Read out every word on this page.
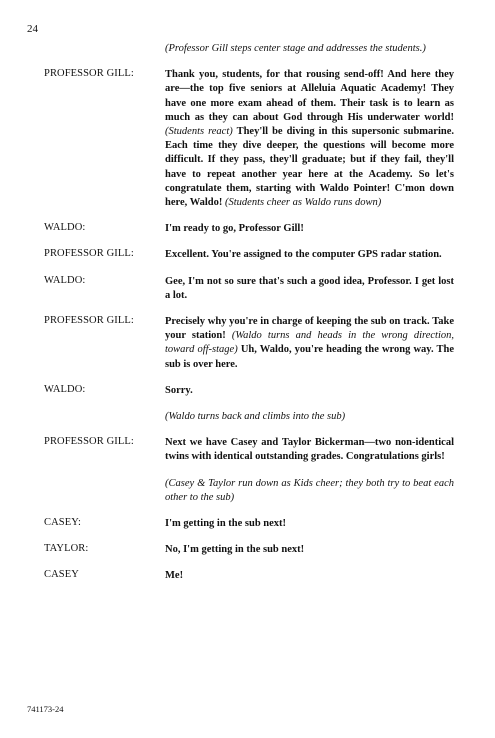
24
(Professor Gill steps center stage and addresses the students.)
PROFESSOR GILL:	Thank you, students, for that rousing send-off! And here they are—the top five seniors at Alleluia Aquatic Academy! They have one more exam ahead of them. Their task is to learn as much as they can about God through His underwater world! (Students react) They'll be diving in this supersonic submarine. Each time they dive deeper, the questions will become more difficult. If they pass, they'll graduate; but if they fail, they'll have to repeat another year here at the Academy. So let's congratulate them, starting with Waldo Pointer! C'mon down here, Waldo! (Students cheer as Waldo runs down)
WALDO:	I'm ready to go, Professor Gill!
PROFESSOR GILL:	Excellent. You're assigned to the computer GPS radar station.
WALDO:	Gee, I'm not so sure that's such a good idea, Professor. I get lost a lot.
PROFESSOR GILL:	Precisely why you're in charge of keeping the sub on track. Take your station! (Waldo turns and heads in the wrong direction, toward off-stage) Uh, Waldo, you're heading the wrong way. The sub is over here.
WALDO:	Sorry.
(Waldo turns back and climbs into the sub)
PROFESSOR GILL:	Next we have Casey and Taylor Bickerman—two non-identical twins with identical outstanding grades. Congratulations girls!
(Casey & Taylor run down as Kids cheer; they both try to beat each other to the sub)
CASEY:	I'm getting in the sub next!
TAYLOR:	No, I'm getting in the sub next!
CASEY	Me!
741173-24
